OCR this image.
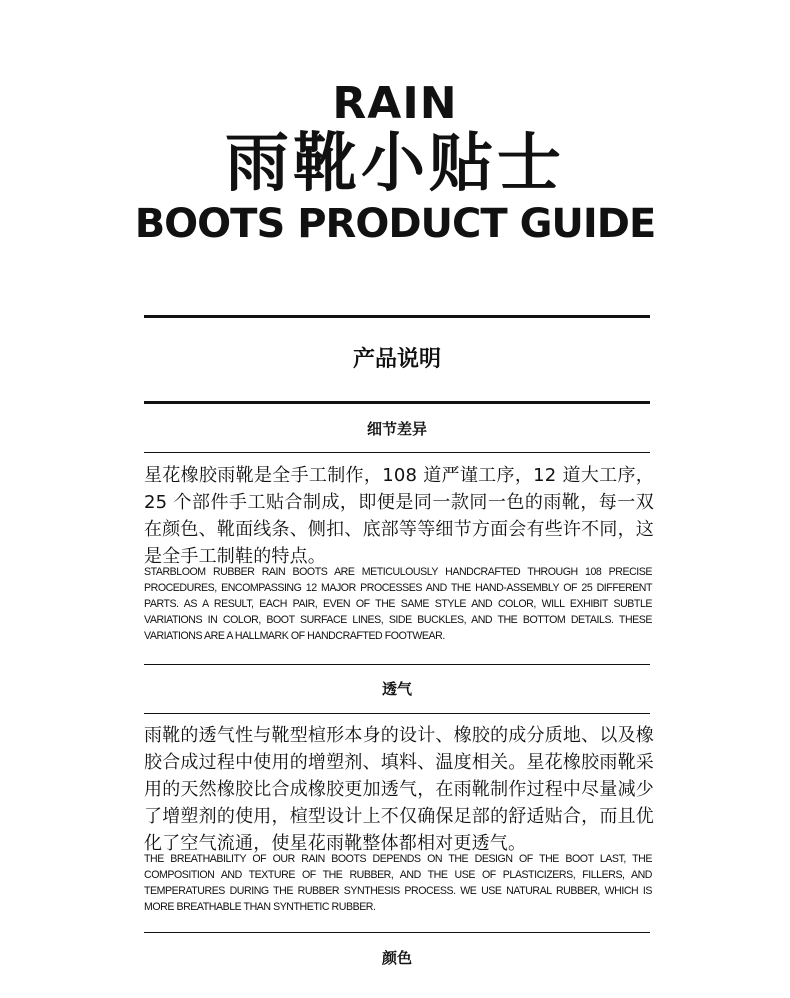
RAIN
雨靴小贴士
BOOTS PRODUCT GUIDE
产品说明
细节差异
星花橡胶雨靴是全手工制作，108 道严谨工序，12 道大工序，25 个部件手工贴合制成，即便是同一款同一色的雨靴，每一双在颜色、靴面线条、侧扣、底部等等细节方面会有些许不同，这是全手工制鞋的特点。
STARBLOOM RUBBER RAIN BOOTS ARE METICULOUSLY HANDCRAFTED THROUGH 108 PRECISE PROCEDURES, ENCOMPASSING 12 MAJOR PROCESSES AND THE HAND-ASSEMBLY OF 25 DIFFERENT PARTS. AS A RESULT, EACH PAIR, EVEN OF THE SAME STYLE AND COLOR, WILL EXHIBIT SUBTLE VARIATIONS IN COLOR, BOOT SURFACE LINES, SIDE BUCKLES, AND THE BOTTOM DETAILS. THESE VARIATIONS ARE A HALLMARK OF HANDCRAFTED FOOTWEAR.
透气
雨靴的透气性与靴型楦形本身的设计、橡胶的成分质地、以及橡胶合成过程中使用的增塑剂、填料、温度相关。星花橡胶雨靴采用的天然橡胶比合成橡胶更加透气，在雨靴制作过程中尽量减少了增塑剂的使用，楦型设计上不仅确保足部的舒适贴合，而且优化了空气流通，使星花雨靴整体都相对更透气。
THE BREATHABILITY OF OUR RAIN BOOTS DEPENDS ON THE DESIGN OF THE BOOT LAST, THE COMPOSITION AND TEXTURE OF THE RUBBER, AND THE USE OF PLASTICIZERS, FILLERS, AND TEMPERATURES DURING THE RUBBER SYNTHESIS PROCESS. WE USE NATURAL RUBBER, WHICH IS MORE BREATHABLE THAN SYNTHETIC RUBBER.
颜色
